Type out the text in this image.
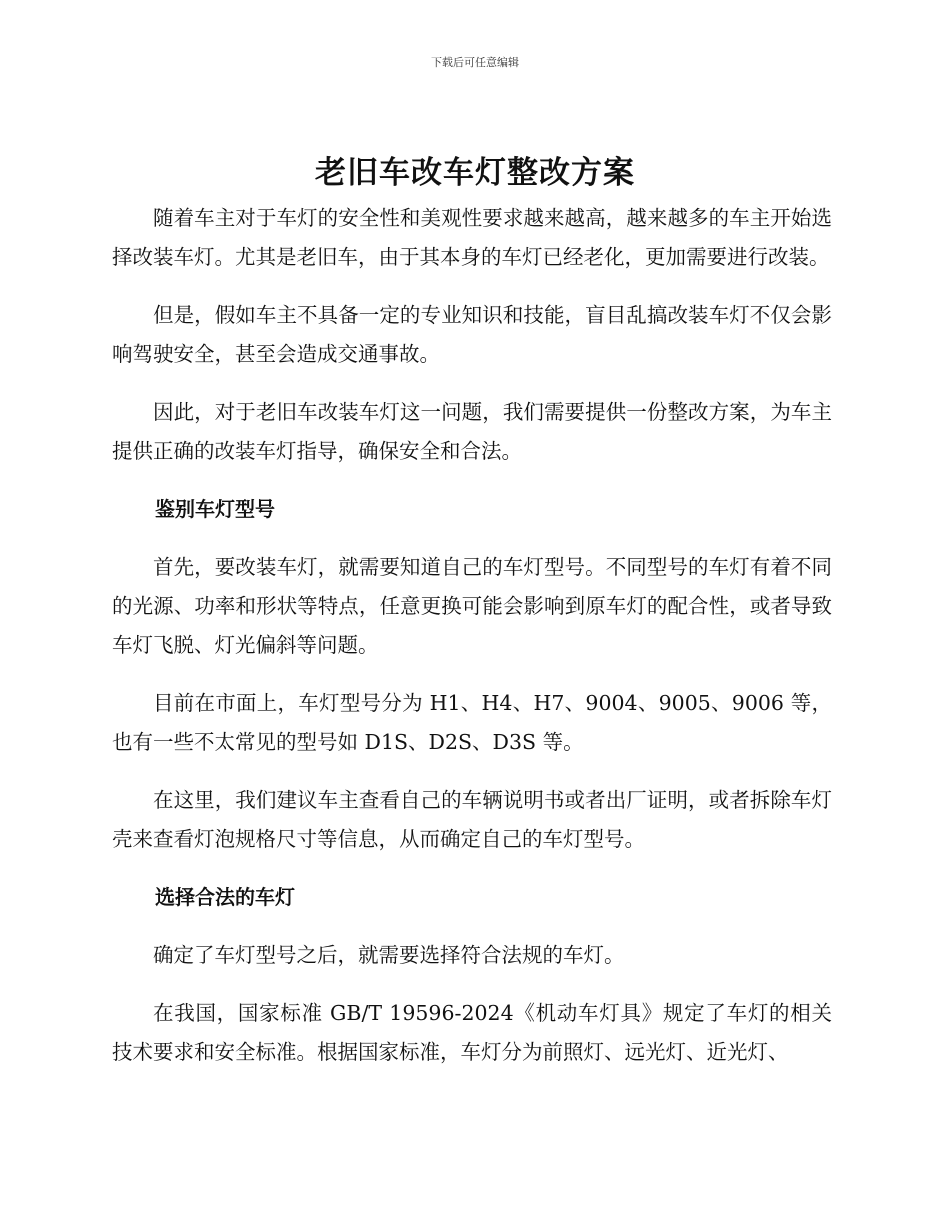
下载后可任意编辑
老旧车改车灯整改方案

随着车主对于车灯的安全性和美观性要求越来越高，越来越多的车主开始选择改装车灯。尤其是老旧车，由于其本身的车灯已经老化，更加需要进行改装。

但是，假如车主不具备一定的专业知识和技能，盲目乱搞改装车灯不仅会影响驾驶安全，甚至会造成交通事故。

因此，对于老旧车改装车灯这一问题，我们需要提供一份整改方案，为车主提供正确的改装车灯指导，确保安全和合法。

鉴别车灯型号

首先，要改装车灯，就需要知道自己的车灯型号。不同型号的车灯有着不同的光源、功率和形状等特点，任意更换可能会影响到原车灯的配合性，或者导致车灯飞脱、灯光偏斜等问题。

目前在市面上，车灯型号分为 H1、H4、H7、9004、9005、9006 等，也有一些不太常见的型号如 D1S、D2S、D3S 等。

在这里，我们建议车主查看自己的车辆说明书或者出厂证明，或者拆除车灯壳来查看灯泡规格尺寸等信息，从而确定自己的车灯型号。

选择合法的车灯

确定了车灯型号之后，就需要选择符合法规的车灯。

在我国，国家标准 GB/T 19596-2024《机动车灯具》规定了车灯的相关技术要求和安全标准。根据国家标准，车灯分为前照灯、远光灯、近光灯、
